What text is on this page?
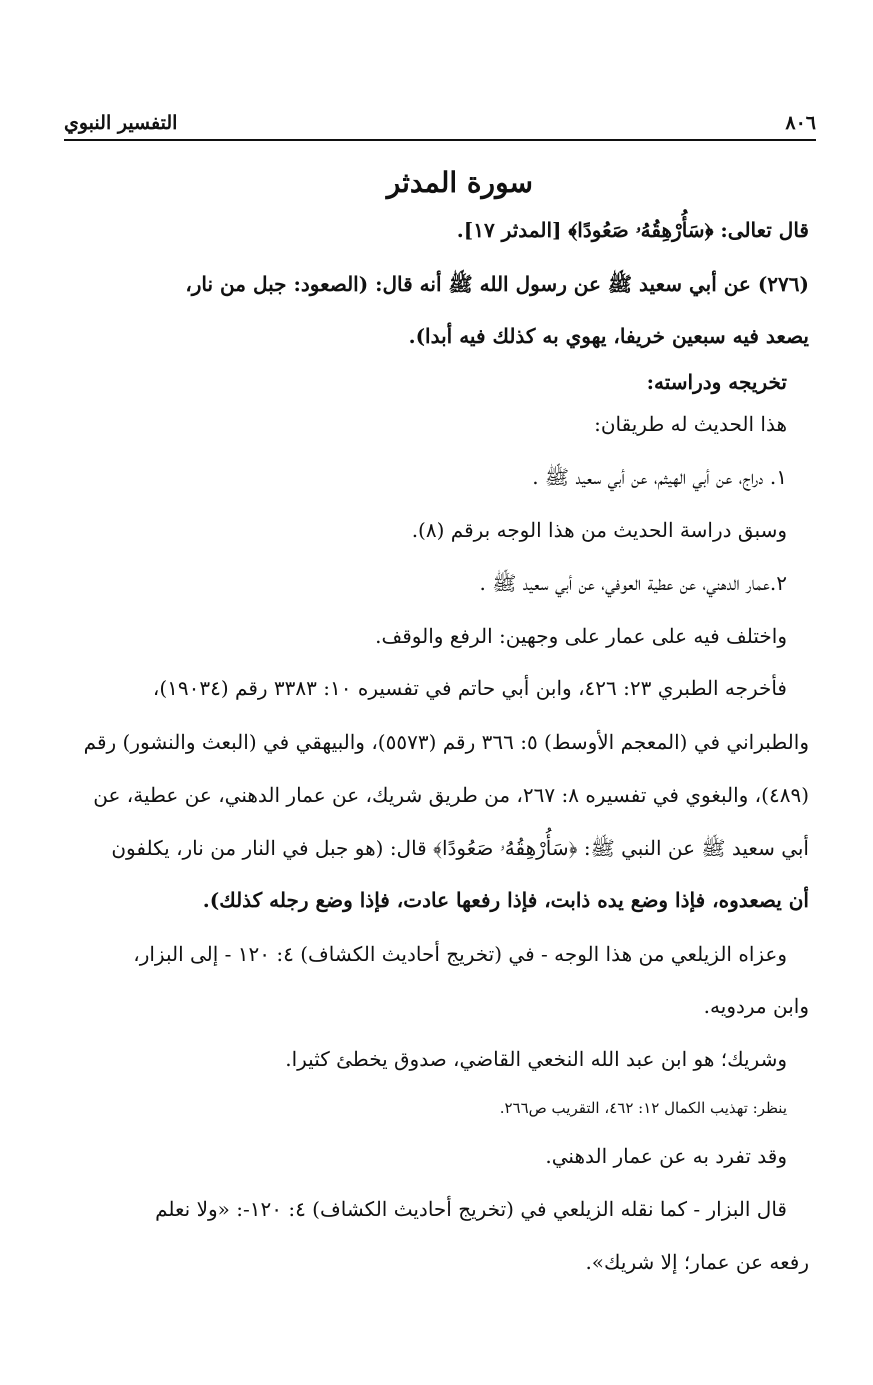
٨٠٦
التفسير النبوي
سورة المدثر
قال تعالى: ﴿سَأُرْهِقُهُۥ صَعُودًا﴾ [المدثر ١٧].
(٢٧٦) عن أبي سعيد ﷺ عن رسول الله ﷺ أنه قال: (الصعود: جبل من نار،
يصعد فيه سبعين خريفا، يهوي به كذلك فيه أبدا).
تخريجه ودراسته:
هذا الحديث له طريقان:
١. دراج، عن أبي الهيثم، عن أبي سعيد ﷺ .
وسبق دراسة الحديث من هذا الوجه برقم (٨).
٢.عمار الدهني، عن عطية العوفي، عن أبي سعيد ﷺ .
واختلف فيه على عمار على وجهين: الرفع والوقف.
فأخرجه الطبري ٢٣: ٤٢٦، وابن أبي حاتم في تفسيره ١٠: ٣٣٨٣ رقم (١٩٠٣٤)،
والطبراني في (المعجم الأوسط) ٥: ٣٦٦ رقم (٥٥٧٣)، والبيهقي في (البعث والنشور) رقم
(٤٨٩)، والبغوي في تفسيره ٨: ٢٦٧، من طريق شريك، عن عمار الدهني، عن عطية، عن
أبي سعيد ﷺ عن النبي ﷺ: ﴿سَأُرْهِقُهُۥ صَعُودًا﴾ قال: (هو جبل في النار من نار، يكلفون
أن يصعدوه، فإذا وضع يده ذابت، فإذا رفعها عادت، فإذا وضع رجله كذلك).
وعزاه الزيلعي من هذا الوجه - في (تخريج أحاديث الكشاف) ٤: ١٢٠ - إلى البزار،
وابن مردويه.
وشريك؛ هو ابن عبد الله النخعي القاضي، صدوق يخطئ كثيرا.
ينظر: تهذيب الكمال ١٢: ٤٦٢، التقريب ص٢٦٦.
وقد تفرد به عن عمار الدهني.
قال البزار - كما نقله الزيلعي في (تخريج أحاديث الكشاف) ٤: ١٢٠-: «ولا نعلم
رفعه عن عمار؛ إلا شريك».
